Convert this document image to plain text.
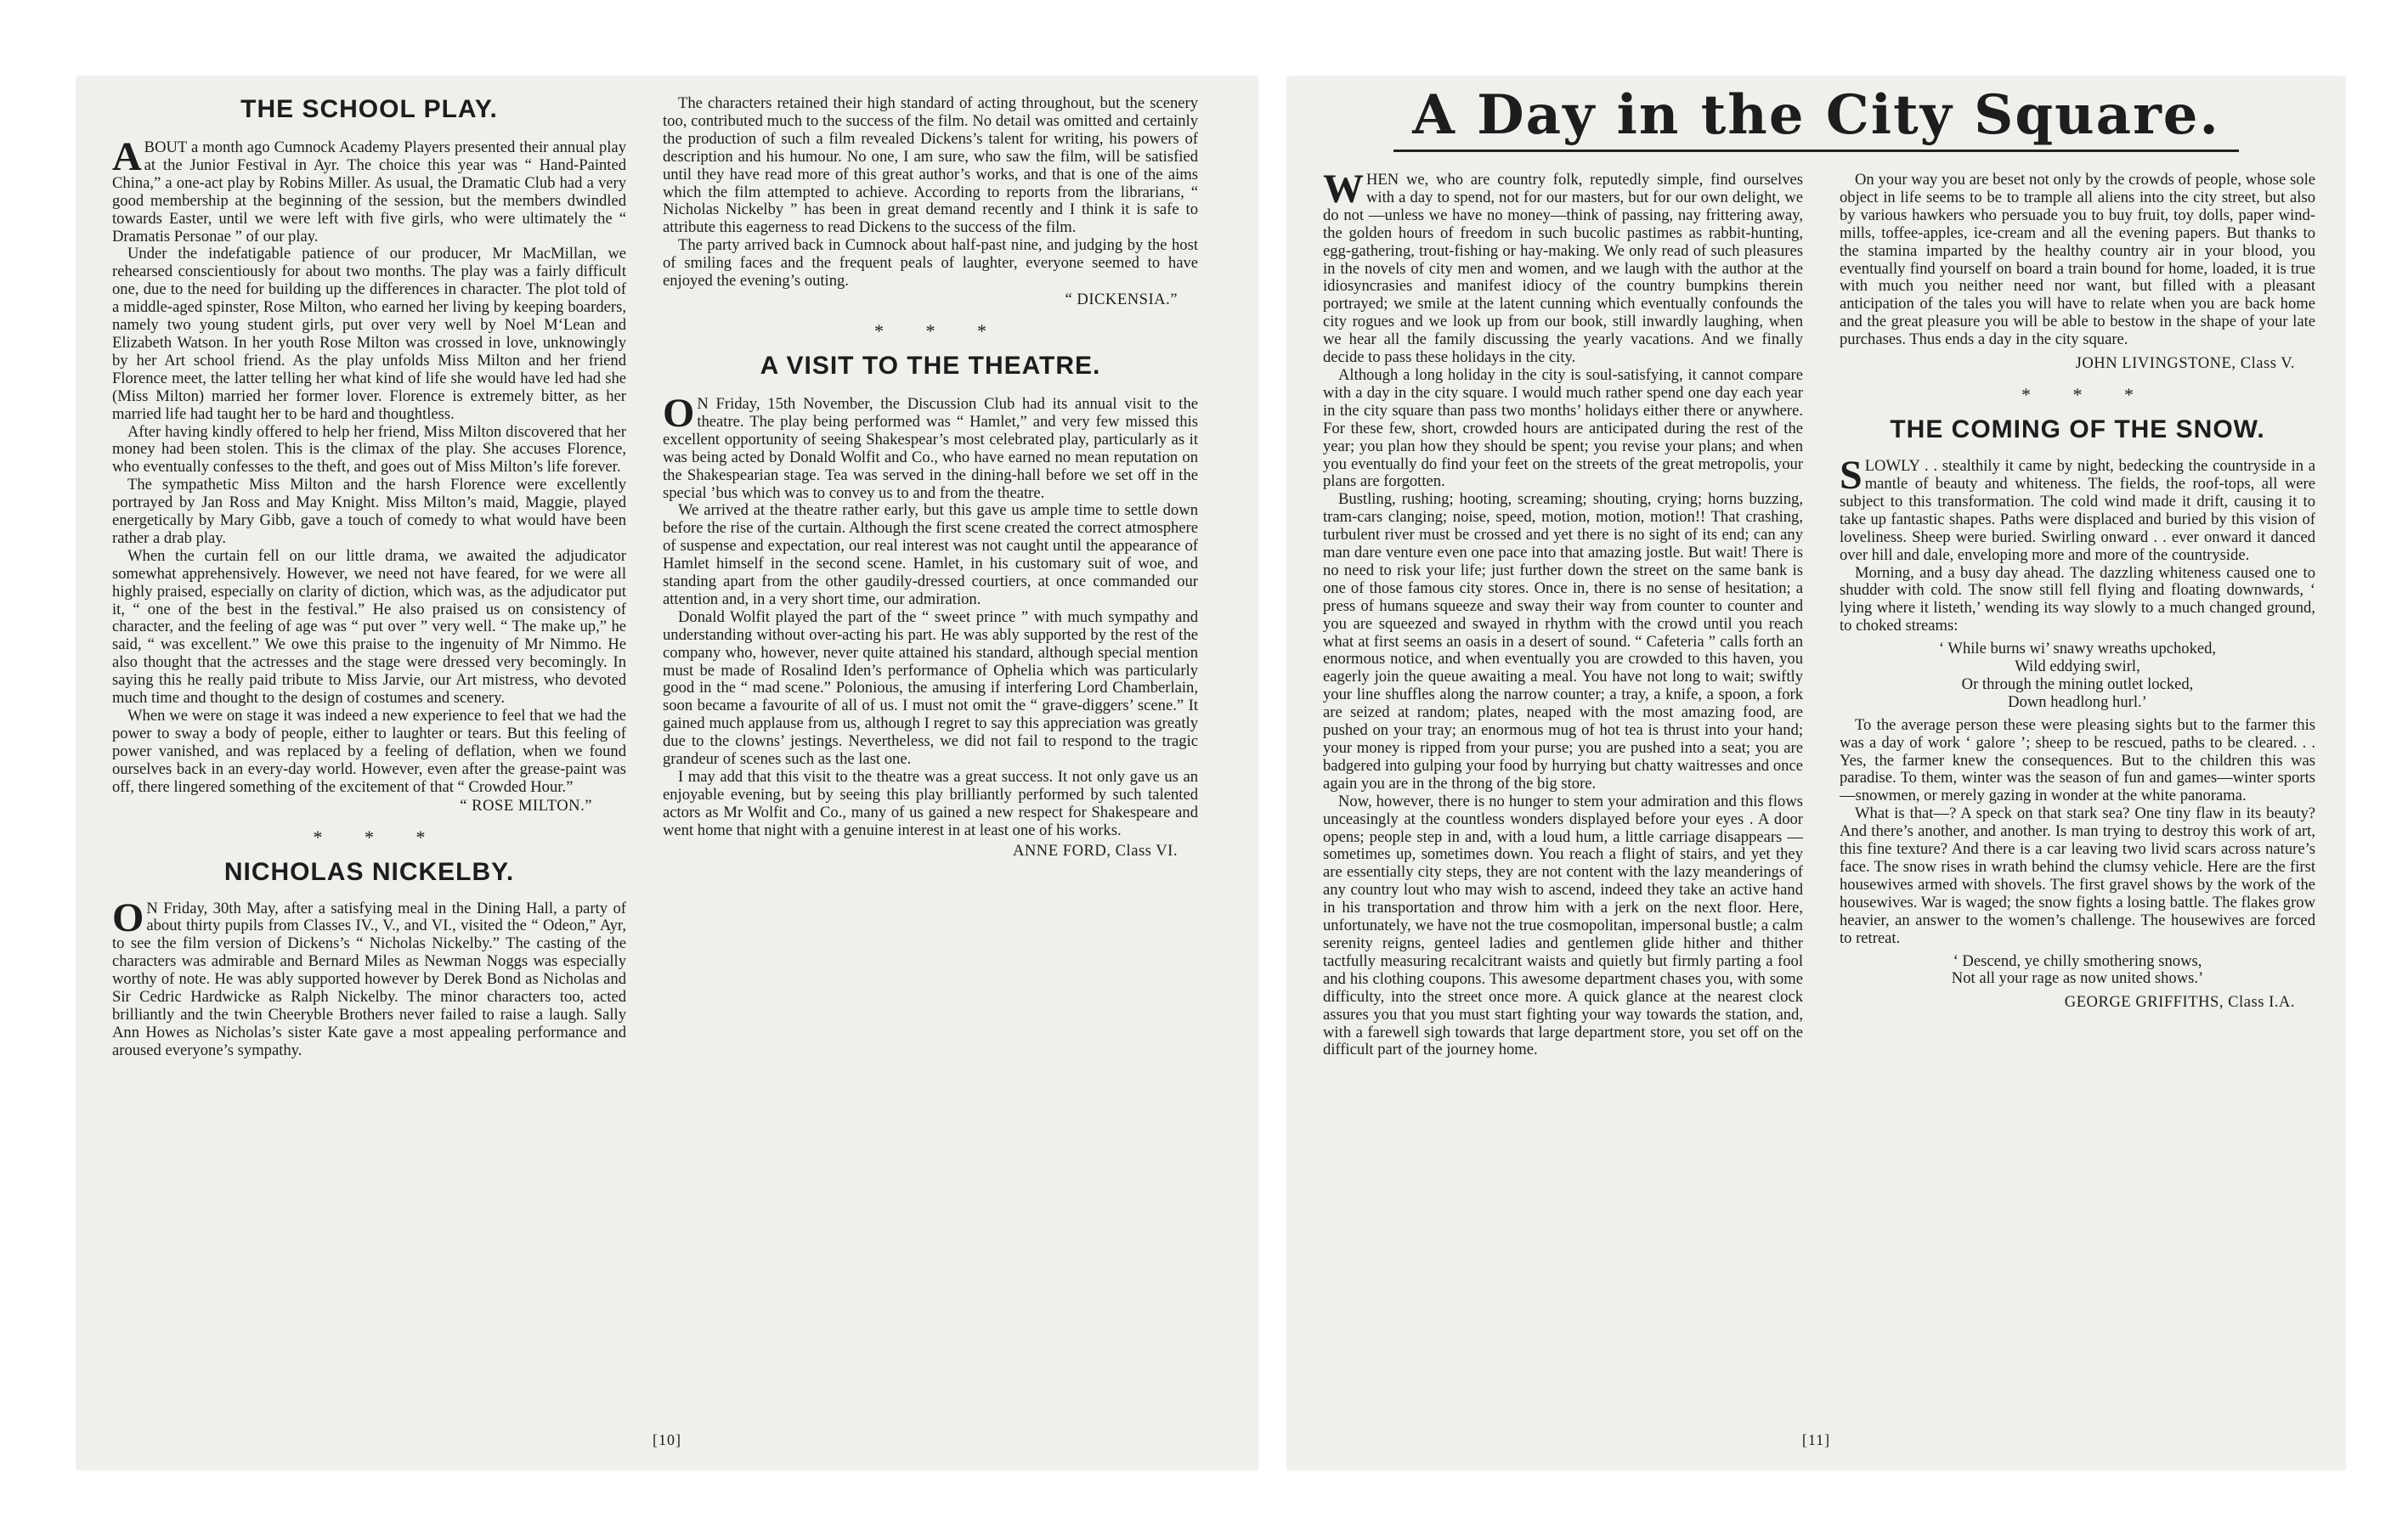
THE SCHOOL PLAY.

ABOUT a month ago Cumnock Academy Players presented their annual play at the Junior Festival in Ayr. The choice this year was “ Hand-Painted China,” a one-act play by Robins Miller. As usual, the Dramatic Club had a very good membership at the beginning of the session, but the members dwindled towards Easter, until we were left with five girls, who were ultimately the “ Dramatis Personae ” of our play.

Under the indefatigable patience of our producer, Mr MacMillan, we rehearsed conscientiously for about two months. The play was a fairly difficult one, due to the need for building up the differences in character. The plot told of a middle-aged spinster, Rose Milton, who earned her living by keeping boarders, namely two young student girls, put over very well by Noel M‘Lean and Elizabeth Watson. In her youth Rose Milton was crossed in love, unknowingly by her Art school friend. As the play unfolds Miss Milton and her friend Florence meet, the latter telling her what kind of life she would have led had she (Miss Milton) married her former lover. Florence is extremely bitter, as her married life had taught her to be hard and thoughtless.

After having kindly offered to help her friend, Miss Milton discovered that her money had been stolen. This is the climax of the play. She accuses Florence, who eventually confesses to the theft, and goes out of Miss Milton’s life forever.

The sympathetic Miss Milton and the harsh Florence were excellently portrayed by Jan Ross and May Knight. Miss Milton’s maid, Maggie, played energetically by Mary Gibb, gave a touch of comedy to what would have been rather a drab play.

When the curtain fell on our little drama, we awaited the adjudicator somewhat apprehensively. However, we need not have feared, for we were all highly praised, especially on clarity of diction, which was, as the adjudicator put it, “ one of the best in the festival.” He also praised us on consistency of character, and the feeling of age was “ put over ” very well. “ The make up,” he said, “ was excellent.” We owe this praise to the ingenuity of Mr Nimmo. He also thought that the actresses and the stage were dressed very becomingly. In saying this he really paid tribute to Miss Jarvie, our Art mistress, who devoted much time and thought to the design of costumes and scenery.

When we were on stage it was indeed a new experience to feel that we had the power to sway a body of people, either to laughter or tears. But this feeling of power vanished, and was replaced by a feeling of deflation, when we found ourselves back in an every-day world. However, even after the grease-paint was off, there lingered something of the excitement of that “ Crowded Hour.”

“ ROSE MILTON.”
* * *
NICHOLAS NICKELBY.

O N Friday, 30th May, after a satisfying meal in the Dining Hall, a party of about thirty pupils from Classes IV., V., and VI., visited the “ Odeon,” Ayr, to see the film version of Dickens’s “ Nicholas Nickelby.” The casting of the characters was admirable and Bernard Miles as Newman Noggs was especially worthy of note. He was ably supported however by Derek Bond as Nicholas and Sir Cedric Hardwicke as Ralph Nickelby. The minor characters too, acted brilliantly and the twin Cheeryble Brothers never failed to raise a laugh. Sally Ann Howes as Nicholas’s sister Kate gave a most appealing performance and aroused everyone’s sympathy.

The characters retained their high standard of acting throughout, but the scenery too, contributed much to the success of the film. No detail was omitted and certainly the production of such a film revealed Dickens’s talent for writing, his powers of description and his humour. No one, I am sure, who saw the film, will be satisfied until they have read more of this great author’s works, and that is one of the aims which the film attempted to achieve. According to reports from the librarians, “ Nicholas Nickelby ” has been in great demand recently and I think it is safe to attribute this eagerness to read Dickens to the success of the film.

The party arrived back in Cumnock about half-past nine, and judging by the host of smiling faces and the frequent peals of laughter, everyone seemed to have enjoyed the evening’s outing.

“ DICKENSIA.”
* * *
A VISIT TO THE THEATRE.

O N Friday, 15th November, the Discussion Club had its annual visit to the theatre. The play being performed was “ Hamlet,” and very few missed this excellent opportunity of seeing Shakespear’s most celebrated play, particularly as it was being acted by Donald Wolfit and Co., who have earned no mean reputation on the Shakespearian stage. Tea was served in the dining-hall before we set off in the special ’bus which was to convey us to and from the theatre.

We arrived at the theatre rather early, but this gave us ample time to settle down before the rise of the curtain. Although the first scene created the correct atmosphere of suspense and expectation, our real interest was not caught until the appearance of Hamlet himself in the second scene. Hamlet, in his customary suit of woe, and standing apart from the other gaudily-dressed courtiers, at once commanded our attention and, in a very short time, our admiration.

Donald Wolfit played the part of the “ sweet prince ” with much sympathy and understanding without over-acting his part. He was ably supported by the rest of the company who, however, never quite attained his standard, although special mention must be made of Rosalind Iden’s performance of Ophelia which was particularly good in the “ mad scene.” Polonious, the amusing if interfering Lord Chamberlain, soon became a favourite of all of us. I must not omit the “ grave-diggers’ scene.” It gained much applause from us, although I regret to say this appreciation was greatly due to the clowns’ jestings. Nevertheless, we did not fail to respond to the tragic grandeur of scenes such as the last one.

I may add that this visit to the theatre was a great success. It not only gave us an enjoyable evening, but by seeing this play brilliantly performed by such talented actors as Mr Wolfit and Co., many of us gained a new respect for Shakespeare and went home that night with a genuine interest in at least one of his works.

ANNE FORD, Class VI.
[10]
A Day in the City Square.

WHEN we, who are country folk, reputedly simple, find ourselves with a day to spend, not for our masters, but for our own delight, we do not —unless we have no money—think of passing, nay frittering away, the golden hours of freedom in such bucolic pastimes as rabbit-hunting, egg-gathering, trout-fishing or hay-making. We only read of such pleasures in the novels of city men and women, and we laugh with the author at the idiosyncrasies and manifest idiocy of the country bumpkins therein portrayed; we smile at the latent cunning which eventually confounds the city rogues and we look up from our book, still inwardly laughing, when we hear all the family discussing the yearly vacations. And we finally decide to pass these holidays in the city.

Although a long holiday in the city is soul-satisfying, it cannot compare with a day in the city square. I would much rather spend one day each year in the city square than pass two months’ holidays either there or anywhere. For these few, short, crowded hours are anticipated during the rest of the year; you plan how they should be spent; you revise your plans; and when you eventually do find your feet on the streets of the great metropolis, your plans are forgotten.

Bustling, rushing; hooting, screaming; shouting, crying; horns buzzing, tram-cars clanging; noise, speed, motion, motion, motion!! That crashing, turbulent river must be crossed and yet there is no sight of its end; can any man dare venture even one pace into that amazing jostle. But wait! There is no need to risk your life; just further down the street on the same bank is one of those famous city stores. Once in, there is no sense of hesitation; a press of humans squeeze and sway their way from counter to counter and you are squeezed and swayed in rhythm with the crowd until you reach what at first seems an oasis in a desert of sound. “ Cafeteria ” calls forth an enormous notice, and when eventually you are crowded to this haven, you eagerly join the queue awaiting a meal. You have not long to wait; swiftly your line shuffles along the narrow counter; a tray, a knife, a spoon, a fork are seized at random; plates, neaped with the most amazing food, are pushed on your tray; an enormous mug of hot tea is thrust into your hand; your money is ripped from your purse; you are pushed into a seat; you are badgered into gulping your food by hurrying but chatty waitresses and once again you are in the throng of the big store.

Now, however, there is no hunger to stem your admiration and this flows unceasingly at the countless wonders displayed before your eyes . A door opens; people step in and, with a loud hum, a little carriage disappears — sometimes up, sometimes down. You reach a flight of stairs, and yet they are essentially city steps, they are not content with the lazy meanderings of any country lout who may wish to ascend, indeed they take an active hand in his transportation and throw him with a jerk on the next floor. Here, unfortunately, we have not the true cosmopolitan, impersonal bustle; a calm serenity reigns, genteel ladies and gentlemen glide hither and thither tactfully measuring recalcitrant waists and quietly but firmly parting a fool and his clothing coupons. This awesome department chases you, with some difficulty, into the street once more. A quick glance at the nearest clock assures you that you must start fighting your way towards the station, and, with a farewell sigh towards that large department store, you set off on the difficult part of the journey home.

On your way you are beset not only by the crowds of people, whose sole object in life seems to be to trample all aliens into the city street, but also by various hawkers who persuade you to buy fruit, toy dolls, paper wind-mills, toffee-apples, ice-cream and all the evening papers. But thanks to the stamina imparted by the healthy country air in your blood, you eventually find yourself on board a train bound for home, loaded, it is true with much you neither need nor want, but filled with a pleasant anticipation of the tales you will have to relate when you are back home and the great pleasure you will be able to bestow in the shape of your late purchases. Thus ends a day in the city square.

JOHN LIVINGSTONE, Class V.
* * *
THE COMING OF THE SNOW.

SLOWLY . . stealthily it came by night, bedecking the countryside in a mantle of beauty and whiteness. The fields, the roof-tops, all were subject to this transformation. The cold wind made it drift, causing it to take up fantastic shapes. Paths were displaced and buried by this vision of loveliness. Sheep were buried. Swirling onward . . ever onward it danced over hill and dale, enveloping more and more of the countryside.

Morning, and a busy day ahead. The dazzling whiteness caused one to shudder with cold. The snow still fell flying and floating downwards, ‘ lying where it listeth,’ wending its way slowly to a much changed ground, to choked streams:

‘ While burns wi’ snawy wreaths upchoked,
Wild eddying swirl,
Or through the mining outlet locked,
Down headlong hurl.’

To the average person these were pleasing sights but to the farmer this was a day of work ‘ galore ’; sheep to be rescued, paths to be cleared. . . Yes, the farmer knew the consequences. But to the children this was paradise. To them, winter was the season of fun and games—winter sports—snowmen, or merely gazing in wonder at the white panorama.

What is that—? A speck on that stark sea? One tiny flaw in its beauty? And there’s another, and another. Is man trying to destroy this work of art, this fine texture? And there is a car leaving two livid scars across nature’s face. The snow rises in wrath behind the clumsy vehicle. Here are the first housewives armed with shovels. The first gravel shows by the work of the housewives. War is waged; the snow fights a losing battle. The flakes grow heavier, an answer to the women’s challenge. The housewives are forced to retreat.

‘ Descend, ye chilly smothering snows,
Not all your rage as now united shows.’
GEORGE GRIFFITHS, Class I.A.
[11]
